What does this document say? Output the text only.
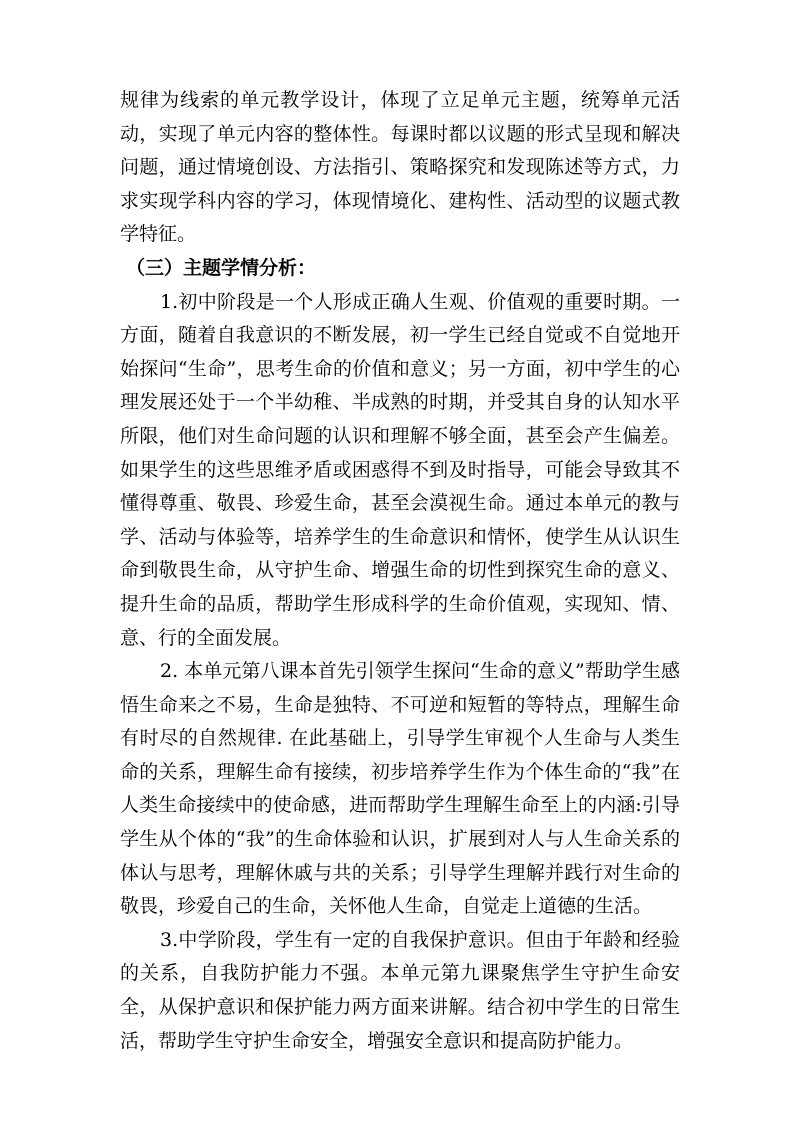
规律为线索的单元教学设计，体现了立足单元主题，统筹单元活动，实现了单元内容的整体性。每课时都以议题的形式呈现和解决问题，通过情境创设、方法指引、策略探究和发现陈述等方式，力求实现学科内容的学习，体现情境化、建构性、活动型的议题式教学特征。

（三）主题学情分析：

1.初中阶段是一个人形成正确人生观、价值观的重要时期。一方面，随着自我意识的不断发展，初一学生已经自觉或不自觉地开始探问“生命”，思考生命的价值和意义；另一方面，初中学生的心理发展还处于一个半幼稚、半成熟的时期，并受其自身的认知水平所限，他们对生命问题的认识和理解不够全面，甚至会产生偏差。如果学生的这些思维矛盾或困惑得不到及时指导，可能会导致其不懂得尊重、敬畏、珍爱生命，甚至会漠视生命。通过本单元的教与学、活动与体验等，培养学生的生命意识和情怀，使学生从认识生命到敬畏生命，从守护生命、增强生命的切性到探究生命的意义、提升生命的品质，帮助学生形成科学的生命价值观，实现知、情、意、行的全面发展。

2. 本单元第八课本首先引领学生探问“生命的意义”帮助学生感悟生命来之不易，生命是独特、不可逆和短暂的等特点，理解生命有时尽的自然规律. 在此基础上，引导学生审视个人生命与人类生命的关系，理解生命有接续，初步培养学生作为个体生命的“我”在人类生命接续中的使命感，进而帮助学生理解生命至上的内涵:引导学生从个体的“我”的生命体验和认识，扩展到对人与人生命关系的体认与思考，理解休戚与共的关系；引导学生理解并践行对生命的敬畏，珍爱自己的生命，关怀他人生命，自觉走上道德的生活。

3.中学阶段，学生有一定的自我保护意识。但由于年龄和经验的关系，自我防护能力不强。本单元第九课聚焦学生守护生命安全，从保护意识和保护能力两方面来讲解。结合初中学生的日常生活，帮助学生守护生命安全，增强安全意识和提高防护能力。
